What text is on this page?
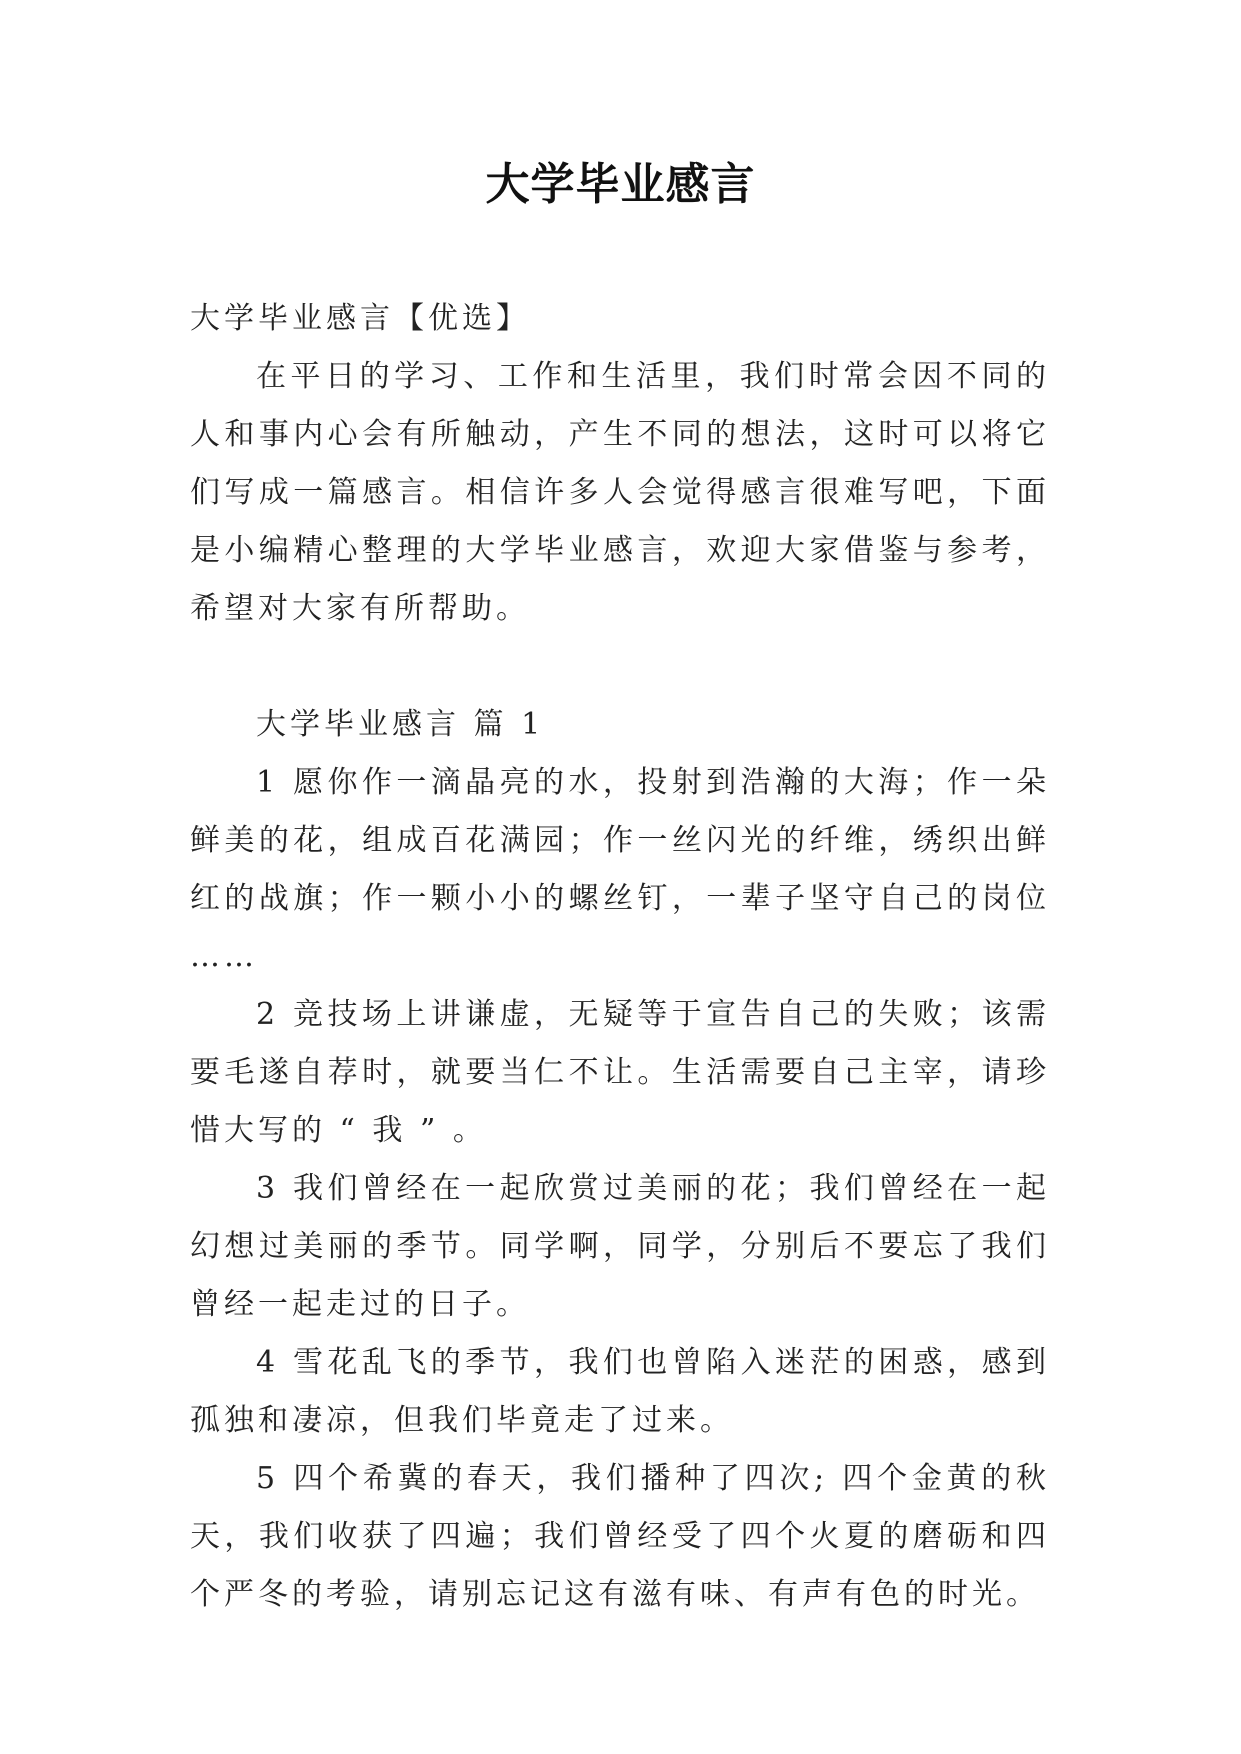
大学毕业感言

大学毕业感言【优选】

在平日的学习、工作和生活里，我们时常会因不同的人和事内心会有所触动，产生不同的想法，这时可以将它们写成一篇感言。相信许多人会觉得感言很难写吧，下面是小编精心整理的大学毕业感言，欢迎大家借鉴与参考，希望对大家有所帮助。

大学毕业感言 篇 1

1 愿你作一滴晶亮的水，投射到浩瀚的大海；作一朵鲜美的花，组成百花满园；作一丝闪光的纤维，绣织出鲜红的战旗；作一颗小小的螺丝钉，一辈子坚守自己的岗位 ……

2 竞技场上讲谦虚，无疑等于宣告自己的失败；该需要毛遂自荐时，就要当仁不让。生活需要自己主宰，请珍惜大写的 “ 我 ” 。

3 我们曾经在一起欣赏过美丽的花；我们曾经在一起幻想过美丽的季节。同学啊，同学，分别后不要忘了我们曾经一起走过的日子。

4 雪花乱飞的季节，我们也曾陷入迷茫的困惑，感到孤独和凄凉，但我们毕竟走了过来。

5 四个希冀的春天，我们播种了四次; 四个金黄的秋天，我们收获了四遍；我们曾经受了四个火夏的磨砺和四个严冬的考验，请别忘记这有滋有味、有声有色的时光。
